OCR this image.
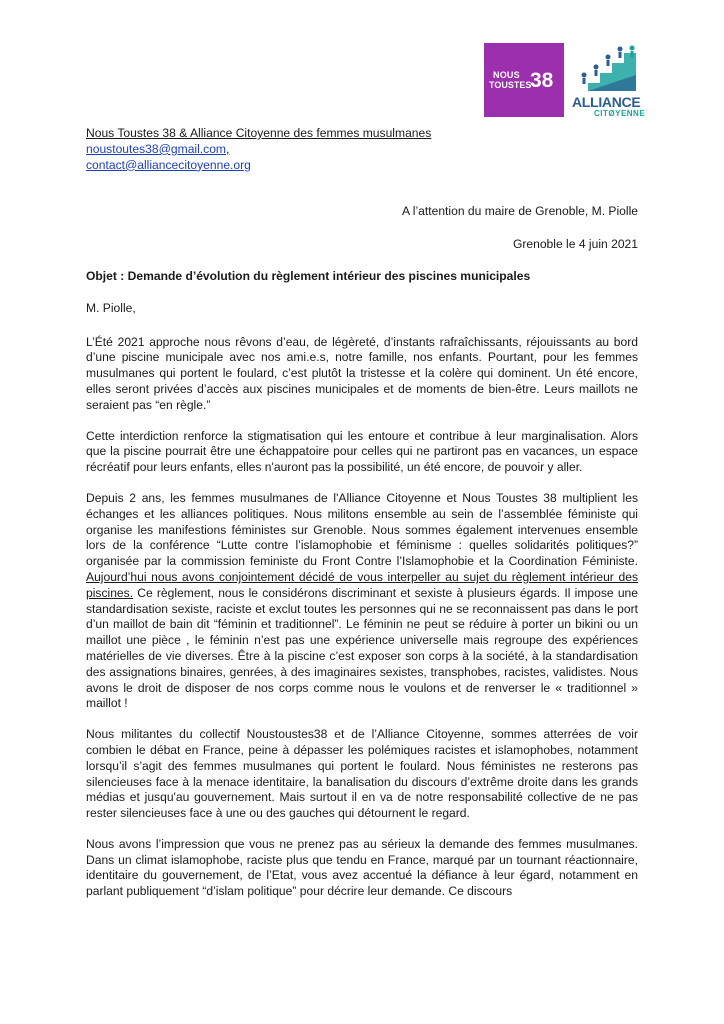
NOUS
TOUSTES
38
ALLIANCE
CITØYENNE
Nous Toustes 38 & Alliance Citoyenne des femmes musulmanes
noustoutes38@gmail.com,
contact@alliancecitoyenne.org
A l’attention du maire de Grenoble, M. Piolle
Grenoble le 4 juin 2021
Objet : Demande d’évolution du règlement intérieur des piscines municipales
M. Piolle,

L’Été 2021 approche nous rêvons d’eau, de légèreté, d’instants rafraîchissants, réjouissants au bord d’une piscine municipale avec nos ami.e.s, notre famille, nos enfants. Pourtant, pour les femmes musulmanes qui portent le foulard, c’est plutôt la tristesse et la colère qui dominent. Un été encore, elles seront privées d’accès aux piscines municipales et de moments de bien-être. Leurs maillots ne seraient pas “en règle.”

Cette interdiction renforce la stigmatisation qui les entoure et contribue à leur marginalisation. Alors que la piscine pourrait être une échappatoire pour celles qui ne partiront pas en vacances, un espace récréatif pour leurs enfants, elles n'auront pas la possibilité, un été encore, de pouvoir y aller.

Depuis 2 ans, les femmes musulmanes de l'Alliance Citoyenne et Nous Toustes 38 multiplient les échanges et les alliances politiques. Nous militons ensemble au sein de l’assemblée féministe qui organise les manifestions féministes sur Grenoble. Nous sommes également intervenues ensemble lors de la conférence “Lutte contre l’islamophobie et féminisme : quelles solidarités politiques?” organisée par la commission feministe du Front Contre l’Islamophobie et la Coordination Féministe. Aujourd’hui nous avons conjointement décidé de vous interpeller au sujet du règlement intérieur des piscines. Ce règlement, nous le considérons discriminant et sexiste à plusieurs égards. Il impose une standardisation sexiste, raciste et exclut toutes les personnes qui ne se reconnaissent pas dans le port d’un maillot de bain dit “féminin et traditionnel”. Le féminin ne peut se réduire à porter un bikini ou un maillot une pièce , le féminin n’est pas une expérience universelle mais regroupe des expériences matérielles de vie diverses. Être à la piscine c’est exposer son corps à la société, à la standardisation des assignations binaires, genrées, à des imaginaires sexistes, transphobes, racistes, validistes. Nous avons le droit de disposer de nos corps comme nous le voulons et de renverser le « traditionnel » maillot !

Nous militantes du collectif Noustoustes38 et de l’Alliance Citoyenne, sommes atterrées de voir combien le débat en France, peine à dépasser les polémiques racistes et islamophobes, notamment lorsqu’il s’agit des femmes musulmanes qui portent le foulard. Nous féministes ne resterons pas silencieuses face à la menace identitaire, la banalisation du discours d’extrême droite dans les grands médias et jusqu'au gouvernement. Mais surtout il en va de notre responsabilité collective de ne pas rester silencieuses face à une ou des gauches qui détournent le regard.

Nous avons l’impression que vous ne prenez pas au sérieux la demande des femmes musulmanes. Dans un climat islamophobe, raciste plus que tendu en France, marqué par un tournant réactionnaire, identitaire du gouvernement, de l’Etat, vous avez accentué la défiance à leur égard, notamment en parlant publiquement “d’islam politique” pour décrire leur demande. Ce discours
